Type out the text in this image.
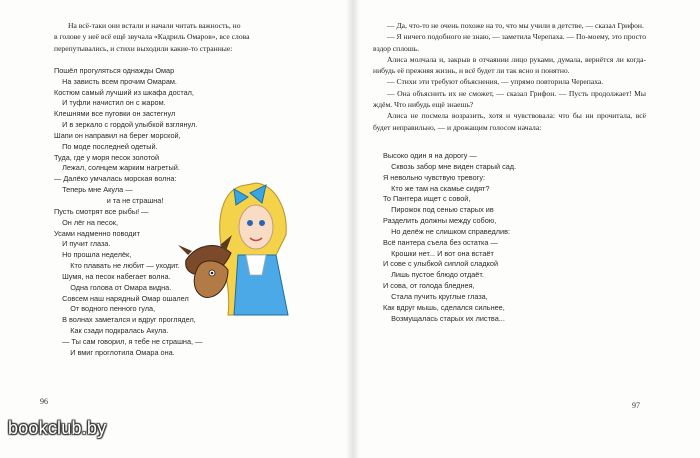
На всё-таки они встали и начали читать важность, но
в голове у неё всё ещё звучала «Кадриль Омаров», все слова
перепутывались, и стихи выходили какие-то странные:
Пошёл прогуляться однажды Омар
На зависть всем прочим Омарам.
Костюм самый лучший из шкафа достал,
И туфли начистил он с жаром.
Клешнями все пуговки он застегнул
И в зеркало с гордой улыбкой взглянул.
Шапи он направил на берег морской,
По моде последней одетый.
Туда, где у моря песок золотой
Лежал, солнцем жарким нагретый.
— Далёко умчалась морская волна:
Теперь мне Акула —
и та не страшна!
Пусть смотрят все рыбы! —
Он лёг на песок,
Усами надменно поводит
И пучит глаза.
Но прошла неделёк,
Кто плавать не любит — уходит.
Шумя, на песок набегает волна.
Одна голова от Омара видна.
Совсем наш нарядный Омар ошалел
От водного пенного гула,
В волнах заметался и вдруг проглядел,
Как сзади подкралась Акула.
— Ты сам говорил, я тебе не страшна, —
И вмиг проглотила Омара она.
96

— Да, что-то не очень похоже на то, что мы учили в детстве, — сказал Грифон.

— Я ничего подобного не знаю, — заметила Черепаха. — По-моему, это просто вздор сплошь.

Алиса молчала и, закрыв в отчаянии лицо руками, думала, вернётся ли когда-нибудь её прежняя жизнь, и всё будет ли так ясно и понятно.

— Стихи эти требуют объяснения, — упрямо повторила Черепаха.

— Она объяснить их не сможет, — сказал Грифон. — Пусть продолжает! Мы ждём. Что нибудь ещё знаешь?

Алиса не посмела возразить, хотя и чувствовала: что бы ни прочитала, всё будет неправильно, — и дрожащим голосом начала:

Высоко один я на дорогу —
Сквозь забор мне виден старый сад.
Я невольно чувствую тревогу:
Кто же там на скамье сидят?
То Пантера ищет с совой,
Пирожок под сенью старых ив
Разделить должны между собою,
Но делёж не слишком справедлив:
Всё пантера съела без остатка —
Крошки нет... И вот она встаёт
И сове с улыбкой сиплой сладкой
Лишь пустое блюдо отдаёт.
И сова, от голода бледнея,
Стала пучить круглые глаза,
Как вдруг мышь, сделался сильнее,
Возмущалась старых их листва...
97
bookclub.by
